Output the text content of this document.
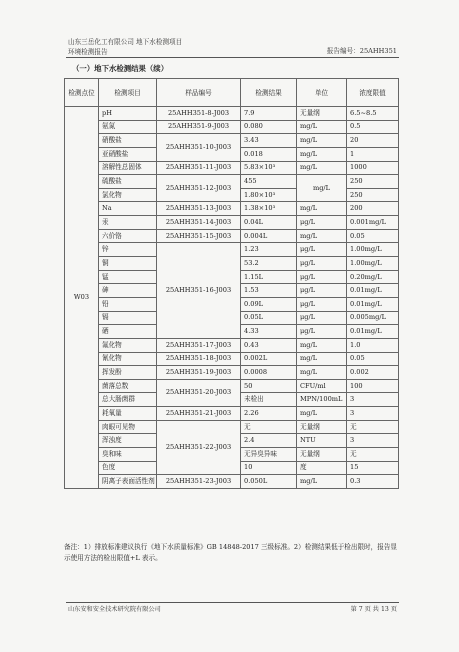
山东三岳化工有限公司 地下水检测项目
环境检测报告	报告编号：25AHH351
（一）地下水检测结果（续）
检测点位	检测项目	样品编号	检测结果	单位	浓度限值
W03	pH	25AHH351-8-J003	7.9	无量纲	6.5~8.5
	氨氮	25AHH351-9-J003	0.080	mg/L	0.5
	硝酸盐	25AHH351-10-J003	3.43	mg/L	20
	亚硝酸盐		0.018	mg/L	1
	溶解性总固体	25AHH351-11-J003	5.83×10³	mg/L	1000
	硫酸盐	25AHH351-12-J003	455	mg/L	250
	氯化物		1.80×10³		250
	Na	25AHH351-13-J003	1.38×10³	mg/L	200
	汞	25AHH351-14-J003	0.04L	μg/L	0.001mg/L
	六价铬	25AHH351-15-J003	0.004L	mg/L	0.05
	锌	25AHH351-16-J003	1.23	μg/L	1.00mg/L
	铜		53.2	μg/L	1.00mg/L
	锰		1.15L	μg/L	0.20mg/L
	砷		1.53	μg/L	0.01mg/L
	铅		0.09L	μg/L	0.01mg/L
	镉		0.05L	μg/L	0.005mg/L
	硒		4.33	μg/L	0.01mg/L
	氟化物	25AHH351-17-J003	0.43	mg/L	1.0
	氰化物	25AHH351-18-J003	0.002L	mg/L	0.05
	挥发酚	25AHH351-19-J003	0.0008	mg/L	0.002
	菌落总数	25AHH351-20-J003	50	CFU/ml	100
	总大肠菌群		未检出	MPN/100mL	3
	耗氧量	25AHH351-21-J003	2.26	mg/L	3
	肉眼可见物	25AHH351-22-J003	无	无量纲	无
	浑浊度		2.4	NTU	3
	臭和味		无异臭异味	无量纲	无
	色度		10	度	15
	阴离子表面活性剂	25AHH351-23-J003	0.050L	mg/L	0.3
备注：1）排放标准建议执行《地下水质量标准》GB 14848-2017 三级标准。2）检测结果低于检出限时，报告显示使用方法的检出限值+L 表示。
山东安和安全技术研究院有限公司	第 7 页 共 13 页
